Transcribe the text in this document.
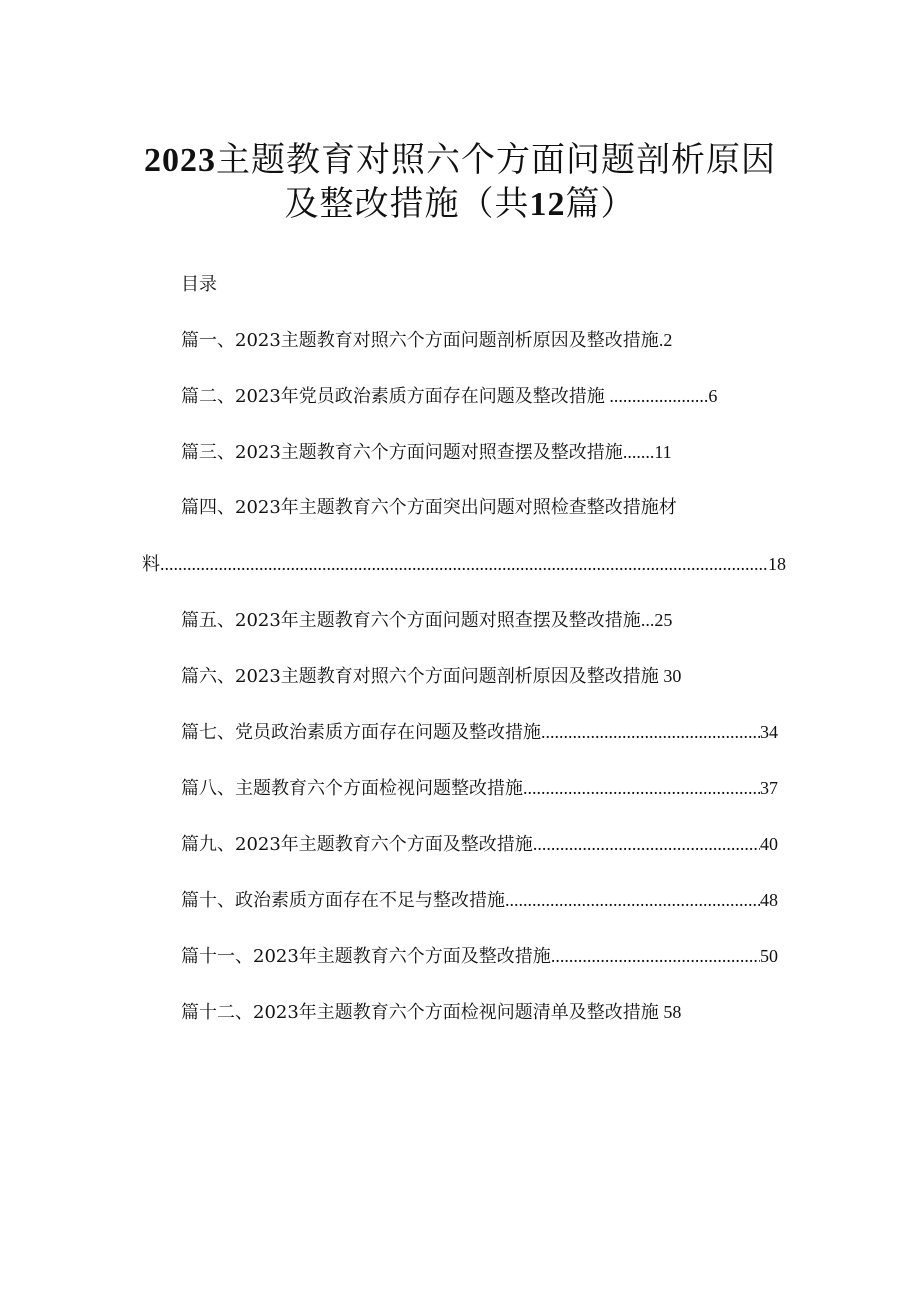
2023主题教育对照六个方面问题剖析原因
及整改措施（共12篇）
目录
篇一、2023主题教育对照六个方面问题剖析原因及整改措施.2
篇二、2023年党员政治素质方面存在问题及整改措施 ......................6
篇三、2023主题教育六个方面问题对照查摆及整改措施.......11
篇四、2023年主题教育六个方面突出问题对照检查整改措施材
料 .....	18
篇五、2023年主题教育六个方面问题对照查摆及整改措施...25
篇六、2023主题教育对照六个方面问题剖析原因及整改措施 30
篇七、党员政治素质方面存在问题及整改措施 .....	34
篇八、主题教育六个方面检视问题整改措施 .....	37
篇九、2023年主题教育六个方面及整改措施 .....	40
篇十、政治素质方面存在不足与整改措施 .....	48
篇十一、2023年主题教育六个方面及整改措施 .....	50
篇十二、2023年主题教育六个方面检视问题清单及整改措施 58
